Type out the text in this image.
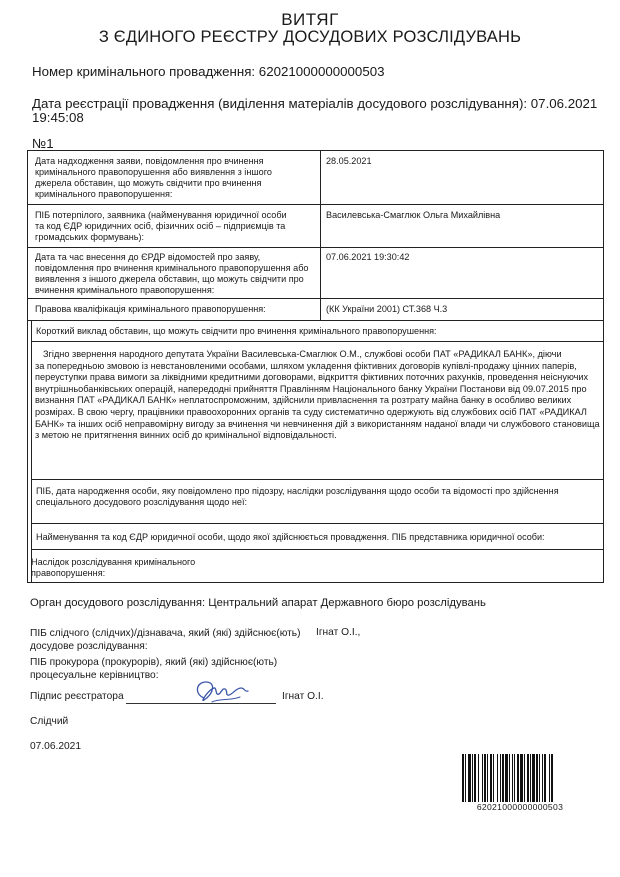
ВИТЯГ
З ЄДИНОГО РЕЄСТРУ ДОСУДОВИХ РОЗСЛІДУВАНЬ
Номер кримінального провадження: 62021000000000503
Дата реєстрації провадження (виділення матеріалів досудового розслідування): 07.06.2021
19:45:08
№1
Дата надходження заяви, повідомлення про вчинення
кримінального правопорушення або виявлення з іншого
джерела обставин, що можуть свідчити про вчинення
кримінального правопорушення:
28.05.2021
ПІБ потерпілого, заявника (найменування юридичної особи
та код ЄДР юридичних осіб, фізичних осіб – підприємців та
громадських формувань):
Василевська-Смаглюк Ольга Михайлівна
Дата та час внесення до ЄРДР відомостей про заяву,
повідомлення про вчинення кримінального правопорушення або
виявлення з іншого джерела обставин, що можуть свідчити про
вчинення кримінального правопорушення:
07.06.2021 19:30:42
Правова кваліфікація кримінального правопорушення:	(КК України 2001) СТ.368 Ч.3
Короткий виклад обставин, що можуть свідчити про вчинення кримінального правопорушення:
Згідно звернення народного депутата України Василевська-Смаглюк О.М., службові особи ПАТ «РАДИКАЛ БАНК», діючи
за попередньою змовою із невстановленими особами, шляхом укладення фіктивних договорів купівлі-продажу цінних паперів,
переуступки права вимоги за ліквідними кредитними договорами, відкриття фіктивних поточних рахунків, проведення неіснуючих
внутрішньобанківських операцій, напередодні прийняття Правлінням Національного банку України Постанови від 09.07.2015 про
визнання ПАТ «РАДИКАЛ БАНК» неплатоспроможним, здійснили привласнення та розтрату майна банку в особливо великих
розмірах. В свою чергу, працівники правоохоронних органів та суду систематично одержують від службових осіб ПАТ «РАДИКАЛ
БАНК» та інших осіб неправомірну вигоду за вчинення чи невчинення дій з використанням наданої влади чи службового становища
з метою не притягнення винних осіб до кримінальної відповідальності.
ПІБ, дата народження особи, яку повідомлено про підозру, наслідки розслідування щодо особи та відомості про здійснення
спеціального досудового розслідування щодо неї:
Найменування та код ЄДР юридичної особи, щодо якої здійснюється провадження. ПІБ представника юридичної особи:
Наслідок розслідування кримінального
правопорушення:
Орган досудового розслідування: Центральний апарат Державного бюро розслідувань
ПІБ слідчого (слідчих)/дізнавача, який (які) здійснює(ють)
досудове розслідування:
Ігнат О.І.,
ПІБ прокурора (прокурорів), який (які) здійснює(ють)
процесуальне керівництво:
Підпис реєстратора	Ігнат О.І.
Слідчий
07.06.2021
62021000000000503
